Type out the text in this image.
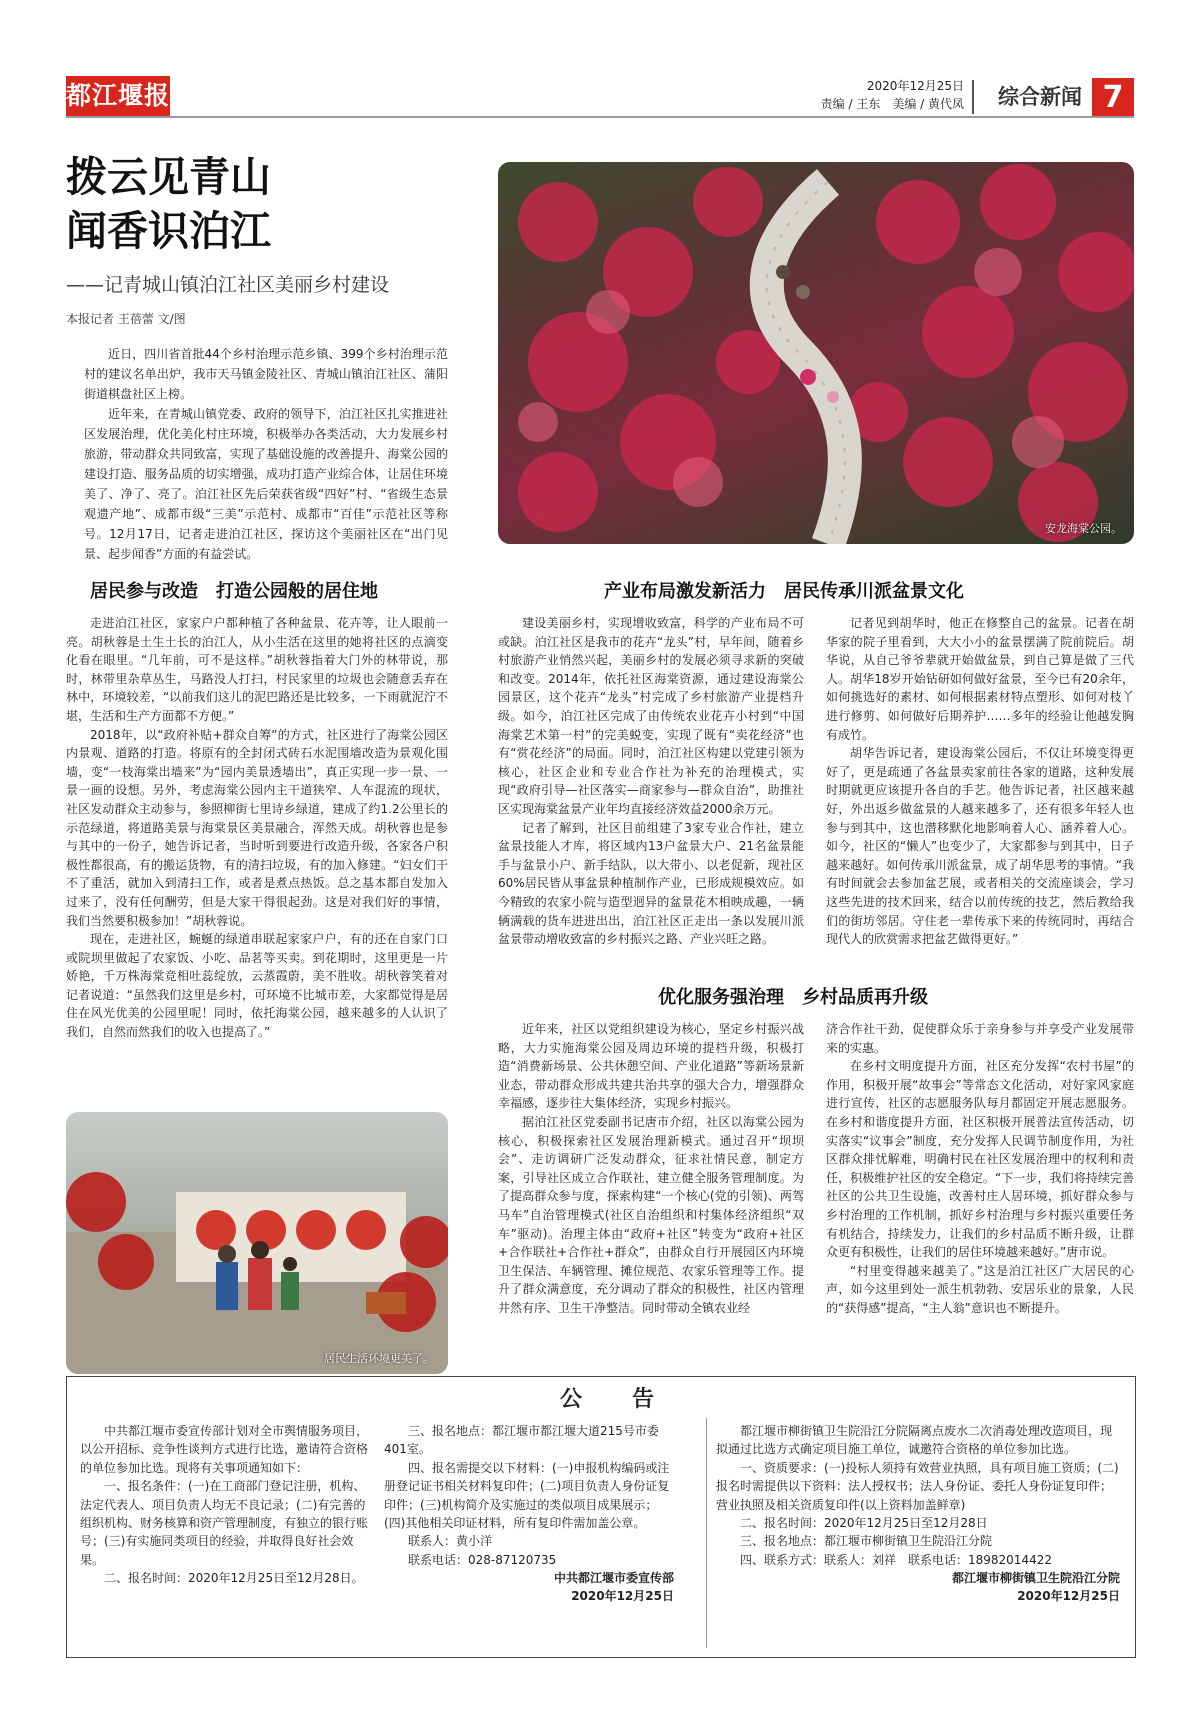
都江堰报	2020年12月25日
责编 / 王东　美编 / 黄代凤 综合新闻 7
拨云见青山
闻香识泊江
——记青城山镇泊江社区美丽乡村建设
本报记者 王蓓蕾 文/图

近日，四川省首批44个乡村治理示范乡镇、399个乡村治理示范村的建议名单出炉，我市天马镇金陵社区、青城山镇泊江社区、蒲阳街道棋盘社区上榜。

近年来，在青城山镇党委、政府的领导下，泊江社区扎实推进社区发展治理，优化美化村庄环境，积极举办各类活动，大力发展乡村旅游，带动群众共同致富，实现了基础设施的改善提升、海棠公园的建设打造、服务品质的切实增强，成功打造产业综合体，让居住环境美了、净了、亮了。泊江社区先后荣获省级“四好”村、“省级生态景观遗产地”、成都市级“三美”示范村、成都市“百佳”示范社区等称号。12月17日，记者走进泊江社区，探访这个美丽社区在“出门见景、起步闻香”方面的有益尝试。

安龙海棠公园。
居民参与改造　打造公园般的居住地

走进泊江社区，家家户户都种植了各种盆景、花卉等，让人眼前一亮。胡秋蓉是土生土长的泊江人，从小生活在这里的她将社区的点滴变化看在眼里。“几年前，可不是这样。”胡秋蓉指着大门外的林带说，那时，林带里杂草丛生，马路没人打扫，村民家里的垃圾也会随意丢弃在林中，环境较差，“以前我们这儿的泥巴路还是比较多，一下雨就泥泞不堪，生活和生产方面都不方便。”

2018年，以“政府补贴+群众自筹”的方式，社区进行了海棠公园区内景观、道路的打造。将原有的全封闭式砖石水泥围墙改造为景观化围墙，变“一枝海棠出墙来”为“园内美景透墙出”，真正实现一步一景、一景一画的设想。另外，考虑海棠公园内主干道狭窄、人车混流的现状，社区发动群众主动参与，参照柳街七里诗乡绿道，建成了约1.2公里长的示范绿道，将道路美景与海棠景区美景融合，浑然天成。胡秋蓉也是参与其中的一份子，她告诉记者，当时听到要进行改造升级，各家各户积极性都很高，有的搬运货物，有的清扫垃圾，有的加入修建。“妇女们干不了重活，就加入到清扫工作，或者是煮点热饭。总之基本都自发加入过来了，没有任何酬劳，但是大家干得很起劲。这是对我们好的事情，我们当然要积极参加！”胡秋蓉说。

现在，走进社区，蜿蜒的绿道串联起家家户户，有的还在自家门口或院坝里做起了农家饭、小吃、品茗等买卖。到花期时，这里更是一片娇艳，千万株海棠竞相吐蕊绽放，云蒸霞蔚，美不胜收。胡秋蓉笑着对记者说道：“虽然我们这里是乡村，可环境不比城市差，大家都觉得是居住在风光优美的公园里呢！同时，依托海棠公园，越来越多的人认识了我们，自然而然我们的收入也提高了。”

居民生活环境更美了。
产业布局激发新活力　居民传承川派盆景文化

建设美丽乡村，实现增收致富，科学的产业布局不可或缺。泊江社区是我市的花卉“龙头”村，早年间，随着乡村旅游产业悄然兴起，美丽乡村的发展必须寻求新的突破和改变。2014年，依托社区海棠资源，通过建设海棠公园景区，这个花卉“龙头”村完成了乡村旅游产业提档升级。如今，泊江社区完成了由传统农业花卉小村到“中国海棠艺术第一村”的完美蜕变，实现了既有“卖花经济”也有“赏花经济”的局面。同时，泊江社区构建以党建引领为核心，社区企业和专业合作社为补充的治理模式，实现“政府引导—社区落实—商家参与—群众自治”，助推社区实现海棠盆景产业年均直接经济效益2000余万元。

记者了解到，社区目前组建了3家专业合作社，建立盆景技能人才库，将区域内13户盆景大户、21名盆景能手与盆景小户、新手结队，以大带小、以老促新，现社区60%居民皆从事盆景种植制作产业，已形成规模效应。如今精致的农家小院与造型迥异的盆景花木相映成趣，一辆辆满载的货车进进出出，泊江社区正走出一条以发展川派盆景带动增收致富的乡村振兴之路、产业兴旺之路。

记者见到胡华时，他正在修整自己的盆景。记者在胡华家的院子里看到，大大小小的盆景摆满了院前院后。胡华说，从自己爷爷辈就开始做盆景，到自己算是做了三代人。胡华18岁开始钻研如何做好盆景，至今已有20余年，如何挑选好的素材、如何根据素材特点塑形、如何对枝丫进行修剪、如何做好后期养护……多年的经验让他越发胸有成竹。

胡华告诉记者，建设海棠公园后，不仅让环境变得更好了，更是疏通了各盆景卖家前往各家的道路，这种发展时期就更应该提升各自的手艺。他告诉记者，社区越来越好，外出返乡做盆景的人越来越多了，还有很多年轻人也参与到其中，这也潜移默化地影响着人心、涵养着人心。如今，社区的“懒人”也变少了，大家都参与到其中，日子越来越好。如何传承川派盆景，成了胡华思考的事情。“我有时间就会去参加盆艺展，或者相关的交流座谈会，学习这些先进的技术回来，结合以前传统的技艺，然后教给我们的街坊邻居。守住老一辈传承下来的传统同时，再结合现代人的欣赏需求把盆艺做得更好。”

优化服务强治理　乡村品质再升级

近年来，社区以党组织建设为核心，坚定乡村振兴战略，大力实施海棠公园及周边环境的提档升级，积极打造“消费新场景、公共休憩空间、产业化道路”等新场景新业态，带动群众形成共建共治共享的强大合力，增强群众幸福感，逐步往大集体经济，实现乡村振兴。

据泊江社区党委副书记唐市介绍，社区以海棠公园为核心，积极探索社区发展治理新模式。通过召开“坝坝会”、走访调研广泛发动群众，征求社情民意，制定方案，引导社区成立合作联社，建立健全服务管理制度。为了提高群众参与度，探索构建“一个核心(党的引领)、两驾马车”自治管理模式(社区自治组织和村集体经济组织“双车”驱动)。治理主体由“政府+社区”转变为“政府+社区+合作联社+合作社+群众”，由群众自行开展园区内环境卫生保洁、车辆管理、摊位规范、农家乐管理等工作。提升了群众满意度，充分调动了群众的积极性，社区内管理井然有序、卫生干净整洁。同时带动全镇农业经

济合作社干劲，促使群众乐于亲身参与并享受产业发展带来的实惠。

在乡村文明度提升方面，社区充分发挥“农村书屋”的作用，积极开展“故事会”等常态文化活动，对好家风家庭进行宣传，社区的志愿服务队每月都固定开展志愿服务。在乡村和谐度提升方面，社区积极开展普法宣传活动，切实落实“议事会”制度，充分发挥人民调节制度作用，为社区群众排忧解难，明确村民在社区发展治理中的权利和责任，积极维护社区的安全稳定。“下一步，我们将持续完善社区的公共卫生设施，改善村庄人居环境，抓好群众参与乡村治理的工作机制，抓好乡村治理与乡村振兴重要任务有机结合，持续发力，让我们的乡村品质不断升级，让群众更有积极性，让我们的居住环境越来越好。”唐市说。

“村里变得越来越美了。”这是泊江社区广大居民的心声，如今这里到处一派生机勃勃、安居乐业的景象，人民的“获得感”提高，“主人翁”意识也不断提升。

公　告

中共都江堰市委宣传部计划对全市舆情服务项目，以公开招标、竞争性谈判方式进行比选，邀请符合资格的单位参加比选。现将有关事项通知如下：

一、报名条件：(一)在工商部门登记注册，机构、法定代表人、项目负责人均无不良记录；(二)有完善的组织机构、财务核算和资产管理制度，有独立的银行账号；(三)有实施同类项目的经验，并取得良好社会效果。

二、报名时间：2020年12月25日至12月28日。

三、报名地点：都江堰市都江堰大道215号市委401室。

四、报名需提交以下材料：(一)申报机构编码或注册登记证书相关材料复印件；(二)项目负责人身份证复印件；(三)机构简介及实施过的类似项目成果展示；(四)其他相关印证材料，所有复印件需加盖公章。

联系人：黄小洋

联系电话：028-87120735

中共都江堰市委宣传部
2020年12月25日

都江堰市柳街镇卫生院沿江分院隔离点废水二次消毒处理改造项目，现拟通过比选方式确定项目施工单位，诚邀符合资格的单位参加比选。

一、资质要求：(一)投标人须持有效营业执照，具有项目施工资质；(二)报名时需提供以下资料：法人授权书；法人身份证、委托人身份证复印件；营业执照及相关资质复印件(以上资料加盖鲜章)

二、报名时间：2020年12月25日至12月28日

三、报名地点：都江堰市柳街镇卫生院沿江分院

四、联系方式：联系人：刘祥　联系电话：18982014422

都江堰市柳街镇卫生院沿江分院
2020年12月25日
